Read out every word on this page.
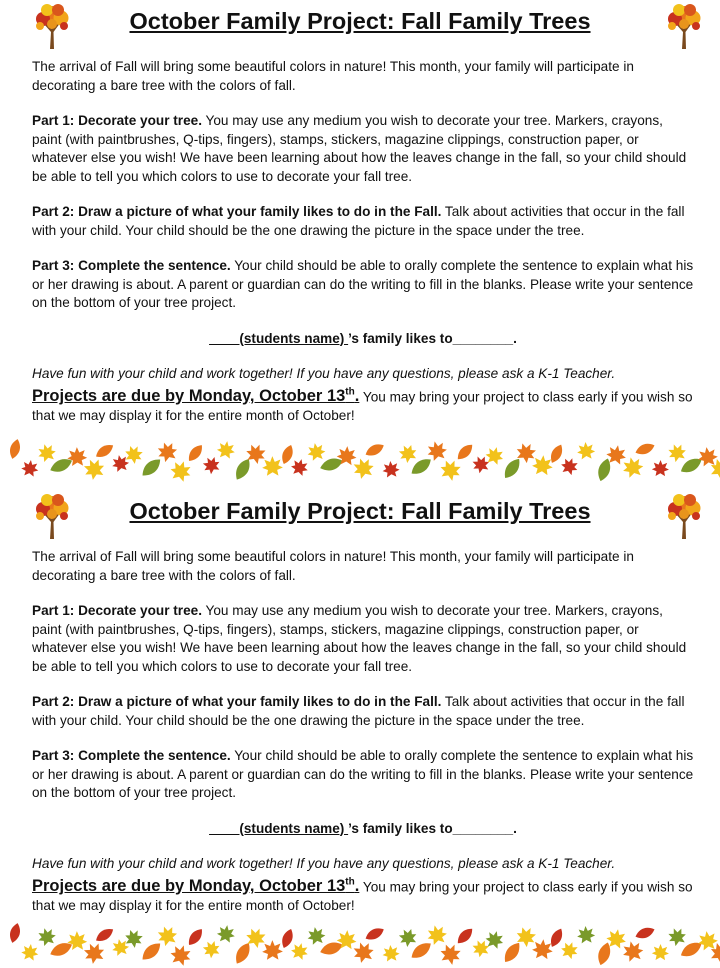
October Family Project: Fall Family Trees

The arrival of Fall will bring some beautiful colors in nature! This month, your family will participate in decorating a bare tree with the colors of fall.

Part 1: Decorate your tree. You may use any medium you wish to decorate your tree. Markers, crayons, paint (with paintbrushes, Q-tips, fingers), stamps, stickers, magazine clippings, construction paper, or whatever else you wish! We have been learning about how the leaves change in the fall, so your child should be able to tell you which colors to use to decorate your fall tree.

Part 2: Draw a picture of what your family likes to do in the Fall. Talk about activities that occur in the fall with your child. Your child should be the one drawing the picture in the space under the tree.

Part 3: Complete the sentence. Your child should be able to orally complete the sentence to explain what his or her drawing is about. A parent or guardian can do the writing to fill in the blanks. Please write your sentence on the bottom of your tree project.

____(students name) ’s family likes to________.

Have fun with your child and work together! If you have any questions, please ask a K-1 Teacher.

Projects are due by Monday, October 13th. You may bring your project to class early if you wish so that we may display it for the entire month of October!

October Family Project: Fall Family Trees

The arrival of Fall will bring some beautiful colors in nature! This month, your family will participate in decorating a bare tree with the colors of fall.

Part 1: Decorate your tree. You may use any medium you wish to decorate your tree. Markers, crayons, paint (with paintbrushes, Q-tips, fingers), stamps, stickers, magazine clippings, construction paper, or whatever else you wish! We have been learning about how the leaves change in the fall, so your child should be able to tell you which colors to use to decorate your fall tree.

Part 2: Draw a picture of what your family likes to do in the Fall. Talk about activities that occur in the fall with your child. Your child should be the one drawing the picture in the space under the tree.

Part 3: Complete the sentence. Your child should be able to orally complete the sentence to explain what his or her drawing is about. A parent or guardian can do the writing to fill in the blanks. Please write your sentence on the bottom of your tree project.

____(students name) ’s family likes to________.

Have fun with your child and work together! If you have any questions, please ask a K-1 Teacher.

Projects are due by Monday, October 13th. You may bring your project to class early if you wish so that we may display it for the entire month of October!
